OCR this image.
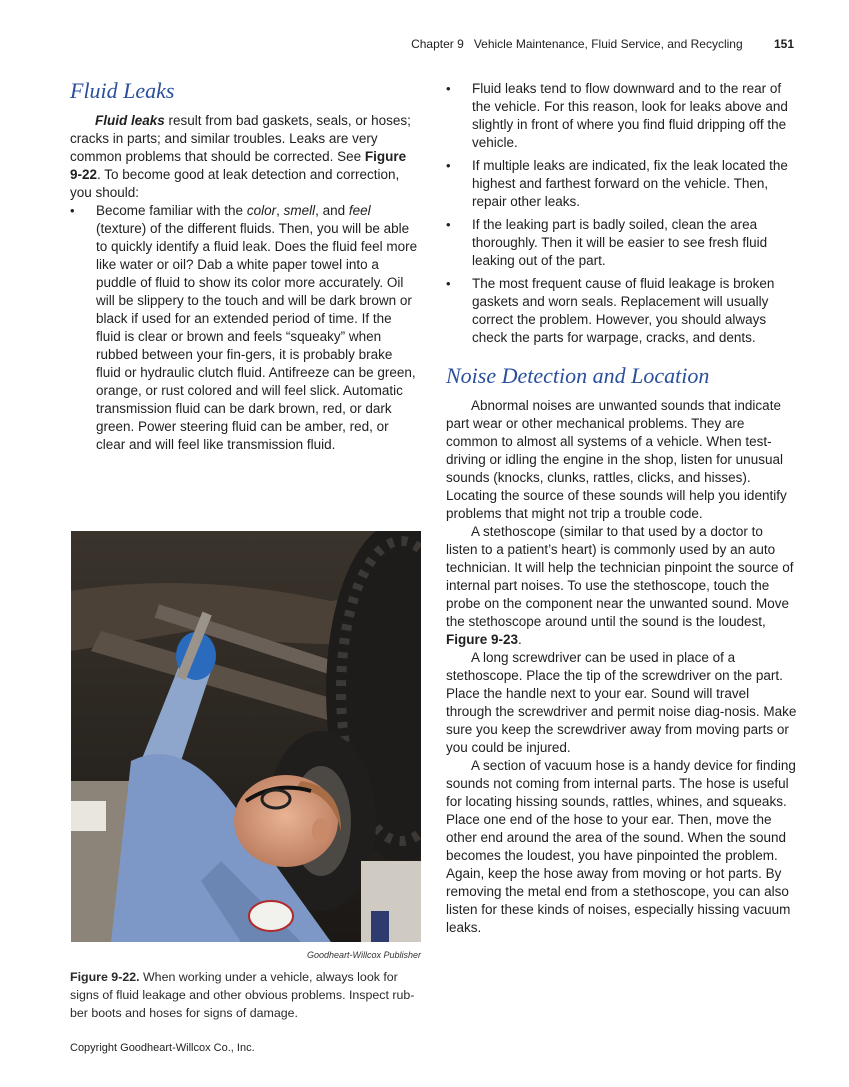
Chapter 9 Vehicle Maintenance, Fluid Service, and Recycling	151
Fluid Leaks

Fluid leaks result from bad gaskets, seals, or hoses; cracks in parts; and similar troubles. Leaks are very common problems that should be corrected. See Figure 9-22. To become good at leak detection and correction, you should:

• Become familiar with the color, smell, and feel (texture) of the different fluids. Then, you will be able to quickly identify a fluid leak. Does the fluid feel more like water or oil? Dab a white paper towel into a puddle of fluid to show its color more accurately. Oil will be slippery to the touch and will be dark brown or black if used for an extended period of time. If the fluid is clear or brown and feels “squeaky” when rubbed between your fin-gers, it is probably brake fluid or hydraulic clutch fluid. Antifreeze can be green, orange, or rust colored and will feel slick. Automatic transmission fluid can be dark brown, red, or dark green. Power steering fluid can be amber, red, or clear and will feel like transmission fluid.
Goodheart-Willcox Publisher
Figure 9-22. When working under a vehicle, always look for signs of fluid leakage and other obvious problems. Inspect rub-ber boots and hoses for signs of damage.
• Fluid leaks tend to flow downward and to the rear of the vehicle. For this reason, look for leaks above and slightly in front of where you find fluid dripping off the vehicle.
• If multiple leaks are indicated, fix the leak located the highest and farthest forward on the vehicle. Then, repair other leaks.
• If the leaking part is badly soiled, clean the area thoroughly. Then it will be easier to see fresh fluid leaking out of the part.
• The most frequent cause of fluid leakage is broken gaskets and worn seals. Replacement will usually correct the problem. However, you should always check the parts for warpage, cracks, and dents.
Noise Detection and Location

Abnormal noises are unwanted sounds that indicate part wear or other mechanical problems. They are common to almost all systems of a vehicle. When test-driving or idling the engine in the shop, listen for unusual sounds (knocks, clunks, rattles, clicks, and hisses). Locating the source of these sounds will help you identify problems that might not trip a trouble code.

A stethoscope (similar to that used by a doctor to listen to a patient’s heart) is commonly used by an auto technician. It will help the technician pinpoint the source of internal part noises. To use the stethoscope, touch the probe on the component near the unwanted sound. Move the stethoscope around until the sound is the loudest, Figure 9-23.

A long screwdriver can be used in place of a stethoscope. Place the tip of the screwdriver on the part. Place the handle next to your ear. Sound will travel through the screwdriver and permit noise diag-nosis. Make sure you keep the screwdriver away from moving parts or you could be injured.

A section of vacuum hose is a handy device for finding sounds not coming from internal parts. The hose is useful for locating hissing sounds, rattles, whines, and squeaks. Place one end of the hose to your ear. Then, move the other end around the area of the sound. When the sound becomes the loudest, you have pinpointed the problem. Again, keep the hose away from moving or hot parts. By removing the metal end from a stethoscope, you can also listen for these kinds of noises, especially hissing vacuum leaks.

Copyright Goodheart-Willcox Co., Inc.
